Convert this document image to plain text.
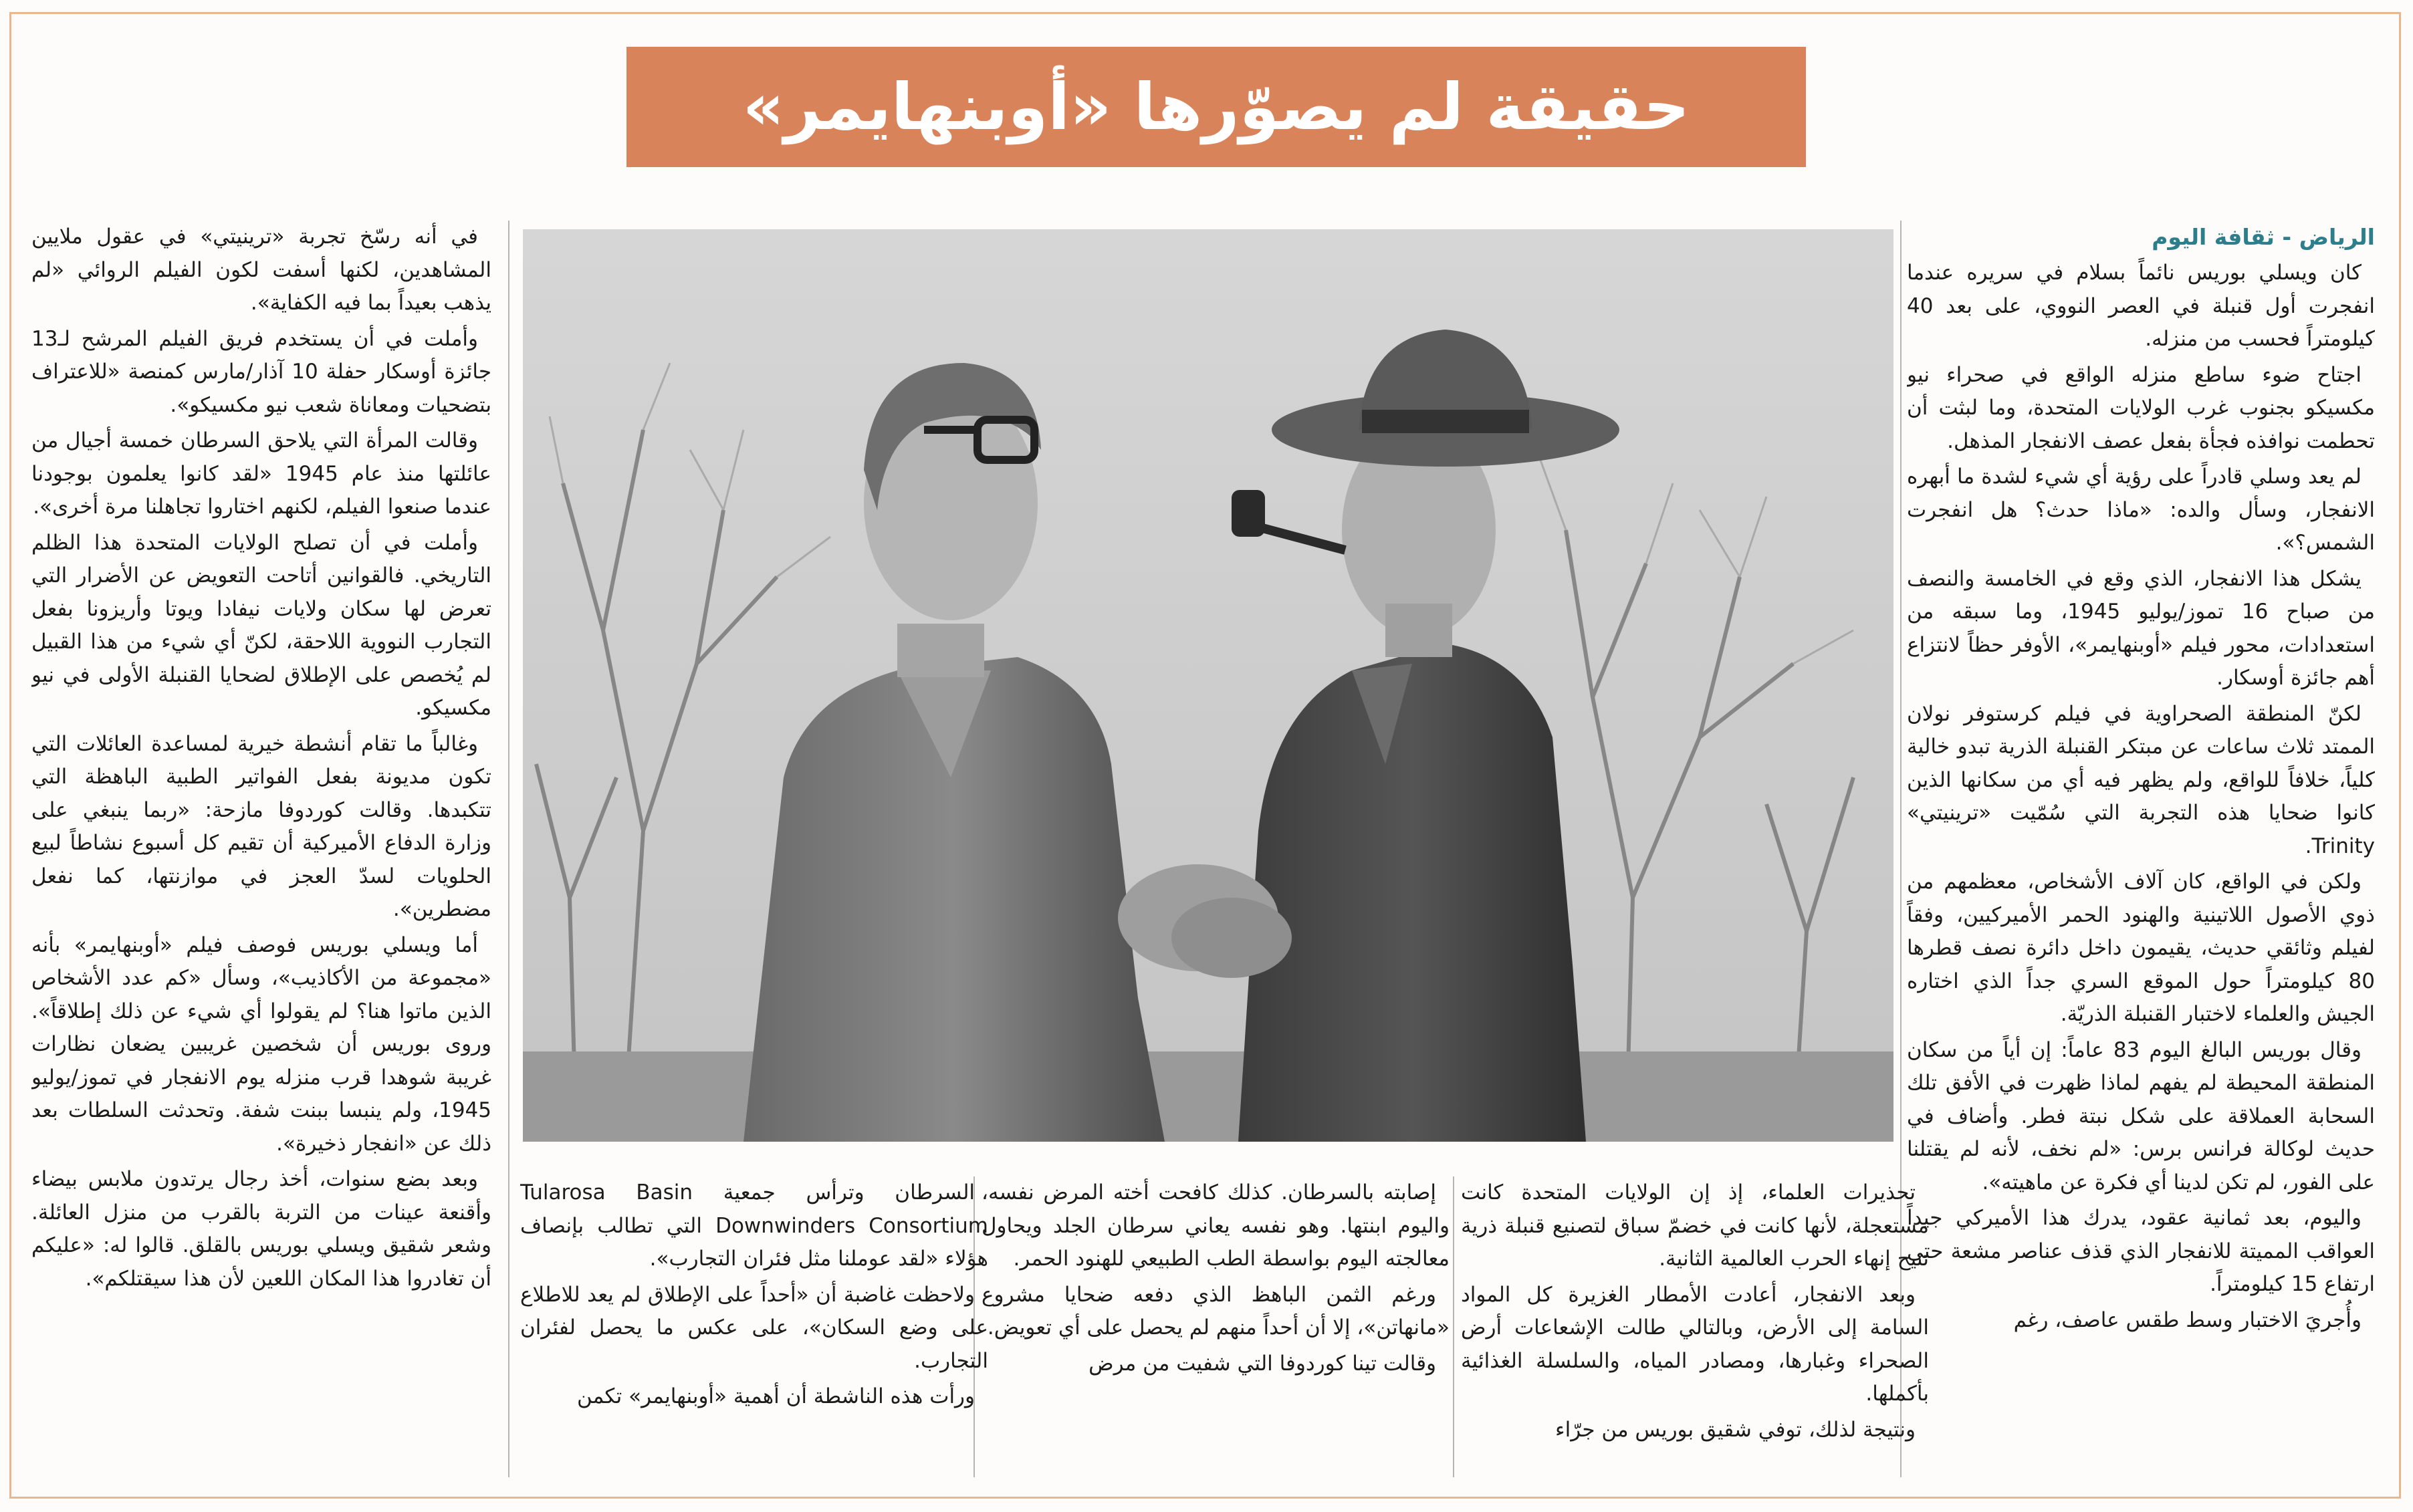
حقيقة لم يصوّرها «أوبنهايمر»

الرياض - ثقافة اليوم

كان ويسلي بوريس نائماً بسلام في سريره عندما انفجرت أول قنبلة في العصر النووي، على بعد 40 كيلومتراً فحسب من منزله.

اجتاح ضوء ساطع منزله الواقع في صحراء نيو مكسيكو بجنوب غرب الولايات المتحدة، وما لبثت أن تحطمت نوافذه فجأة بفعل عصف الانفجار المذهل.

لم يعد وسلي قادراً على رؤية أي شيء لشدة ما أبهره الانفجار، وسأل والده: «ماذا حدث؟ هل انفجرت الشمس؟».

يشكل هذا الانفجار، الذي وقع في الخامسة والنصف من صباح 16 تموز/يوليو 1945، وما سبقه من استعدادات، محور فيلم «أوبنهايمر»، الأوفر حظاً لانتزاع أهم جائزة أوسكار.

لكنّ المنطقة الصحراوية في فيلم كرستوفر نولان الممتد ثلاث ساعات عن مبتكر القنبلة الذرية تبدو خالية كلياً، خلافاً للواقع، ولم يظهر فيه أي من سكانها الذين كانوا ضحايا هذه التجربة التي سُمّيت «ترينيتي» Trinity.

ولكن في الواقع، كان آلاف الأشخاص، معظمهم من ذوي الأصول اللاتينية والهنود الحمر الأميركيين، وفقاً لفيلم وثائقي حديث، يقيمون داخل دائرة نصف قطرها 80 كيلومتراً حول الموقع السري جداً الذي اختاره الجيش والعلماء لاختبار القنبلة الذريّة.

وقال بوريس البالغ اليوم 83 عاماً: إن أياً من سكان المنطقة المحيطة لم يفهم لماذا ظهرت في الأفق تلك السحابة العملاقة على شكل نبتة فطر. وأضاف في حديث لوكالة فرانس برس: «لم نخف، لأنه لم يقتلنا على الفور، لم تكن لدينا أي فكرة عن ماهيته».

واليوم، بعد ثمانية عقود، يدرك هذا الأميركي جيداً العواقب المميتة للانفجار الذي قذف عناصر مشعة حتى ارتفاع 15 كيلومتراً.

وأُجريَ الاختبار وسط طقس عاصف، رغم

تحذيرات العلماء، إذ إن الولايات المتحدة كانت مستعجلة، لأنها كانت في خضمّ سباق لتصنيع قنبلة ذرية تتيح إنهاء الحرب العالمية الثانية.

وبعد الانفجار، أعادت الأمطار الغزيرة كل المواد السامة إلى الأرض، وبالتالي طالت الإشعاعات أرض الصحراء وغبارها، ومصادر المياه، والسلسلة الغذائية بأكملها.

ونتيجة لذلك، توفي شقيق بوريس من جرّاء

إصابته بالسرطان. كذلك كافحت أخته المرض نفسه، واليوم ابنتها. وهو نفسه يعاني سرطان الجلد ويحاول معالجته اليوم بواسطة الطب الطبيعي للهنود الحمر.

ورغم الثمن الباهظ الذي دفعه ضحايا مشروع «مانهاتن»، إلا أن أحداً منهم لم يحصل على أي تعويض.

وقالت تينا كوردوفا التي شفيت من مرض

السرطان وترأس جمعية Tularosa Basin Downwinders Consortium التي تطالب بإنصاف هؤلاء «لقد عوملنا مثل فئران التجارب».

ولاحظت غاضبة أن «أحداً على الإطلاق لم يعد للاطلاع على وضع السكان»، على عكس ما يحصل لفئران التجارب.

ورأت هذه الناشطة أن أهمية «أوبنهايمر» تكمن

في أنه رسّخ تجربة «ترينيتي» في عقول ملايين المشاهدين، لكنها أسفت لكون الفيلم الروائي «لم يذهب بعيداً بما فيه الكفاية».

وأملت في أن يستخدم فريق الفيلم المرشح لـ13 جائزة أوسكار حفلة 10 آذار/مارس كمنصة «للاعتراف بتضحيات ومعاناة شعب نيو مكسيكو».

وقالت المرأة التي يلاحق السرطان خمسة أجيال من عائلتها منذ عام 1945 «لقد كانوا يعلمون بوجودنا عندما صنعوا الفيلم، لكنهم اختاروا تجاهلنا مرة أخرى».

وأملت في أن تصلح الولايات المتحدة هذا الظلم التاريخي. فالقوانين أتاحت التعويض عن الأضرار التي تعرض لها سكان ولايات نيفادا ويوتا وأريزونا بفعل التجارب النووية اللاحقة، لكنّ أي شيء من هذا القبيل لم يُخصص على الإطلاق لضحايا القنبلة الأولى في نيو مكسيكو.

وغالباً ما تقام أنشطة خيرية لمساعدة العائلات التي تكون مديونة بفعل الفواتير الطبية الباهظة التي تتكبدها. وقالت كوردوفا مازحة: «ربما ينبغي على وزارة الدفاع الأميركية أن تقيم كل أسبوع نشاطاً لبيع الحلويات لسدّ العجز في موازنتها، كما نفعل مضطرين».

أما ويسلي بوريس فوصف فيلم «أوبنهايمر» بأنه «مجموعة من الأكاذيب»، وسأل «كم عدد الأشخاص الذين ماتوا هنا؟ لم يقولوا أي شيء عن ذلك إطلاقاً». وروى بوريس أن شخصين غريبين يضعان نظارات غريبة شوهدا قرب منزله يوم الانفجار في تموز/يوليو 1945، ولم ينبسا ببنت شفة. وتحدثت السلطات بعد ذلك عن «انفجار ذخيرة».

وبعد بضع سنوات، أخذ رجال يرتدون ملابس بيضاء وأقنعة عينات من التربة بالقرب من منزل العائلة. وشعر شقيق ويسلي بوريس بالقلق. قالوا له: «عليكم أن تغادروا هذا المكان اللعين لأن هذا سيقتلكم».
